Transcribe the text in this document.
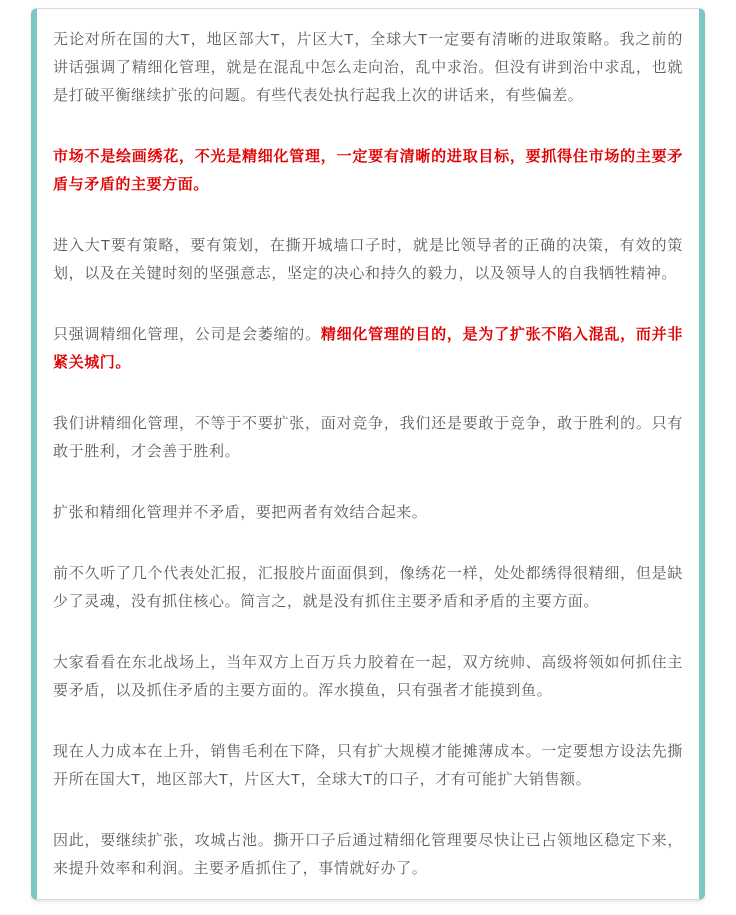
无论对所在国的大T，地区部大T，片区大T，全球大T一定要有清晰的进取策略。我之前的讲话强调了精细化管理，就是在混乱中怎么走向治，乱中求治。但没有讲到治中求乱，也就是打破平衡继续扩张的问题。有些代表处执行起我上次的讲话来，有些偏差。

市场不是绘画绣花，不光是精细化管理，一定要有清晰的进取目标，要抓得住市场的主要矛盾与矛盾的主要方面。

进入大T要有策略，要有策划，在撕开城墙口子时，就是比领导者的正确的决策，有效的策划，以及在关键时刻的坚强意志，坚定的决心和持久的毅力，以及领导人的自我牺牲精神。

只强调精细化管理，公司是会萎缩的。精细化管理的目的，是为了扩张不陷入混乱，而并非紧关城门。

我们讲精细化管理，不等于不要扩张，面对竞争，我们还是要敢于竞争，敢于胜利的。只有敢于胜利，才会善于胜利。

扩张和精细化管理并不矛盾，要把两者有效结合起来。

前不久听了几个代表处汇报，汇报胶片面面俱到，像绣花一样，处处都绣得很精细，但是缺少了灵魂，没有抓住核心。简言之，就是没有抓住主要矛盾和矛盾的主要方面。

大家看看在东北战场上，当年双方上百万兵力胶着在一起，双方统帅、高级将领如何抓住主要矛盾，以及抓住矛盾的主要方面的。浑水摸鱼，只有强者才能摸到鱼。

现在人力成本在上升，销售毛利在下降，只有扩大规模才能摊薄成本。一定要想方设法先撕开所在国大T，地区部大T，片区大T，全球大T的口子，才有可能扩大销售额。

因此，要继续扩张，攻城占池。撕开口子后通过精细化管理要尽快让已占领地区稳定下来，来提升效率和利润。主要矛盾抓住了，事情就好办了。
